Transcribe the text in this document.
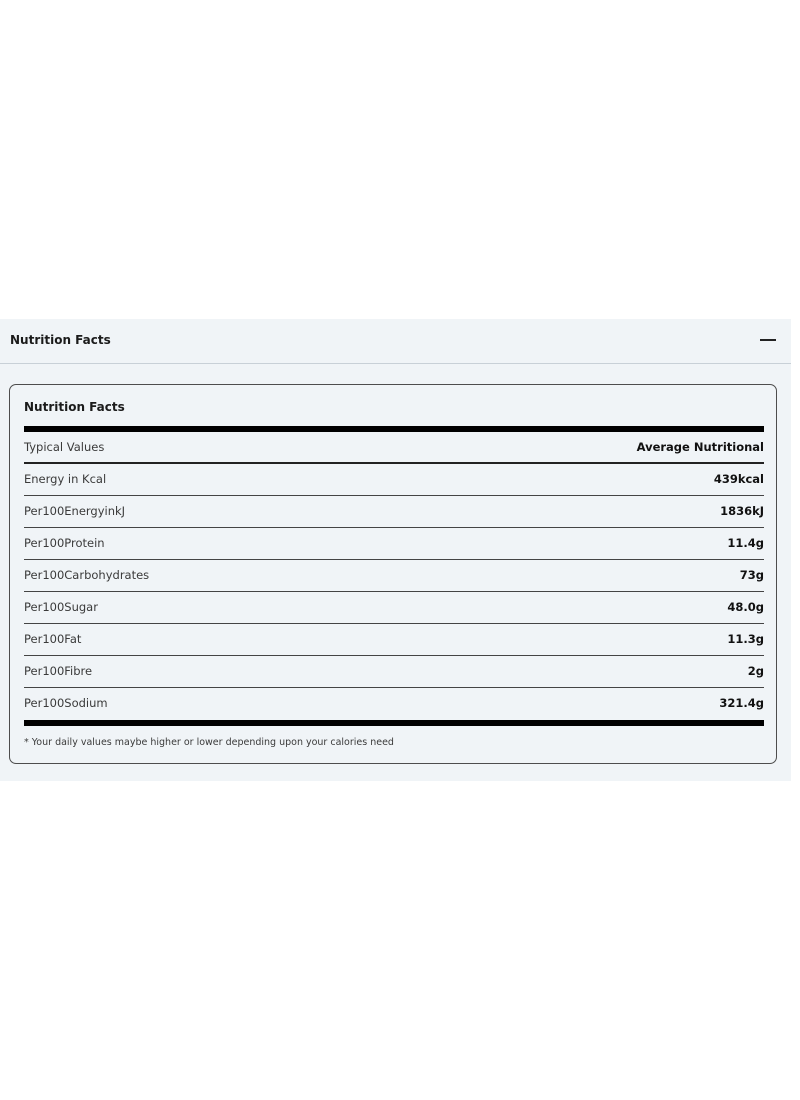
Nutrition Facts
Nutrition Facts
Typical Values	Average Nutritional
Energy in Kcal	439kcal
Per100EnergyinkJ	1836kJ
Per100Protein	11.4g
Per100Carbohydrates	73g
Per100Sugar	48.0g
Per100Fat	11.3g
Per100Fibre	2g
Per100Sodium	321.4g
* Your daily values maybe higher or lower depending upon your calories need
